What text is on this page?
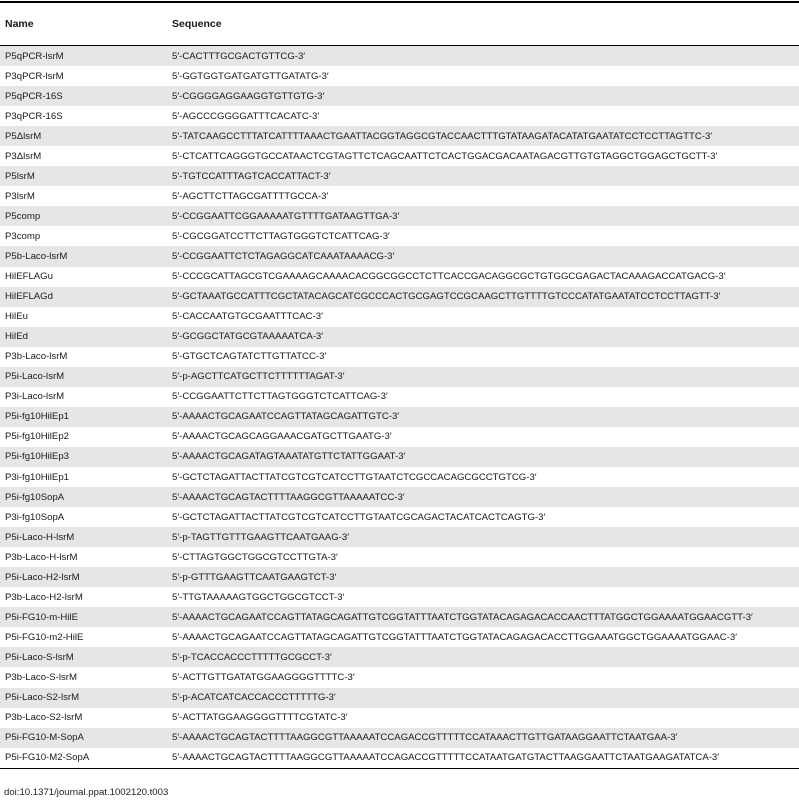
Name	Sequence
P5qPCR-lsrM	5′-CACTTTGCGACTGTTCG-3′
P3qPCR-lsrM	5′-GGTGGTGATGATGTTGATATG-3′
P5qPCR-16S	5′-CGGGGAGGAAGGTGTTGTG-3′
P3qPCR-16S	5′-AGCCCGGGGATTTCACATC-3′
P5ΔlsrM	5′-TATCAAGCCTTTATCATTTTAAACTGAATTACGGTAGGCGTACCAACTTTGTATAAGATACATATGAATATCCTCCTTAGTTC-3′
P3ΔlsrM	5′-CTCATTCAGGGTGCCATAACTCGTAGTTCTCAGCAATTCTCACTGGACGACAATAGACGTTGTGTAGGCTGGAGCTGCTT-3′
P5lsrM	5′-TGTCCATTTAGTCACCATTACT-3′
P3lsrM	5′-AGCTTCTTAGCGATTTTGCCA-3′
P5comp	5′-CCGGAATTCGGAAAAATGTTTTGATAAGTTGA-3′
P3comp	5′-CGCGGATCCTTCTTAGTGGGTCTCATTCAG-3′
P5b-Laco-lsrM	5′-CCGGAATTCTCTAGAGGCATCAAATAAAACG-3′
HilEFLAGu	5′-CCCGCATTAGCGTCGAAAAGCAAAACACGGCGGCCTCTTCACCGACAGGCGCTGTGGCGAGACTACAAAGACCATGACG-3′
HilEFLAGd	5′-GCTAAATGCCATTTCGCTATACAGCATCGCCCACTGCGAGTCCGCAAGCTTGTTTTGTCCCATATGAATATCCTCCTTAGTT-3′
HilEu	5′-CACCAATGTGCGAATTTCAC-3′
HilEd	5′-GCGGCTATGCGTAAAAATCA-3′
P3b-Laco-lsrM	5′-GTGCTCAGTATCTTGTTATCC-3′
P5i-Laco-lsrM	5′-p-AGCTTCATGCTTCTTTTTTAGAT-3′
P3i-Laco-lsrM	5′-CCGGAATTCTTCTTAGTGGGTCTCATTCAG-3′
P5i-fg10HilEp1	5′-AAAACTGCAGAATCCAGTTATAGCAGATTGTC-3′
P5i-fg10HilEp2	5′-AAAACTGCAGCAGGAAACGATGCTTGAATG-3′
P5i-fg10HilEp3	5′-AAAACTGCAGATAGTAAATATGTTCTATTGGAAT-3′
P3i-fg10HilEp1	5′-GCTCTAGATTACTTATCGTCGTCATCCTTGTAATCTCGCCACAGCGCCTGTCG-3′
P5i-fg10SopA	5′-AAAACTGCAGTACTTTTAAGGCGTTAAAAATCC-3′
P3i-fg10SopA	5′-GCTCTAGATTACTTATCGTCGTCATCCTTGTAATCGCAGACTACATCACTCAGTG-3′
P5i-Laco-H-lsrM	5′-p-TAGTTGTTTGAAGTTCAATGAAG-3′
P3b-Laco-H-lsrM	5′-CTTAGTGGCTGGCGTCCTTGTA-3′
P5i-Laco-H2-lsrM	5′-p-GTTTGAAGTTCAATGAAGTCT-3′
P3b-Laco-H2-lsrM	5′-TTGTAAAAAGTGGCTGGCGTCCT-3′
P5i-FG10-m-HilE	5′-AAAACTGCAGAATCCAGTTATAGCAGATTGTCGGTATTTAATCTGGTATACAGAGACACCAACTTTATGGCTGGAAAATGGAACGTT-3′
P5i-FG10-m2-HilE	5′-AAAACTGCAGAATCCAGTTATAGCAGATTGTCGGTATTTAATCTGGTATACAGAGACACCTTGGAAATGGCTGGAAAATGGAAC-3′
P5i-Laco-S-lsrM	5′-p-TCACCACCCTTTTTGCGCCT-3′
P3b-Laco-S-lsrM	5′-ACTTGTTGATATGGAAGGGGTTTTC-3′
P5i-Laco-S2-lsrM	5′-p-ACATCATCACCACCCTTTTTG-3′
P3b-Laco-S2-lsrM	5′-ACTTATGGAAGGGGTTTTCGTATC-3′
P5i-FG10-M-SopA	5′-AAAACTGCAGTACTTTTAAGGCGTTAAAAATCCAGACCGTTTTTCCATAAACTTGTTGATAAGGAATTCTAATGAA-3′
P5i-FG10-M2-SopA	5′-AAAACTGCAGTACTTTTAAGGCGTTAAAAATCCAGACCGTTTTTCCATAATGATGTACTTAAGGAATTCTAATGAAGATATCA-3′
doi:10.1371/journal.ppat.1002120.t003
